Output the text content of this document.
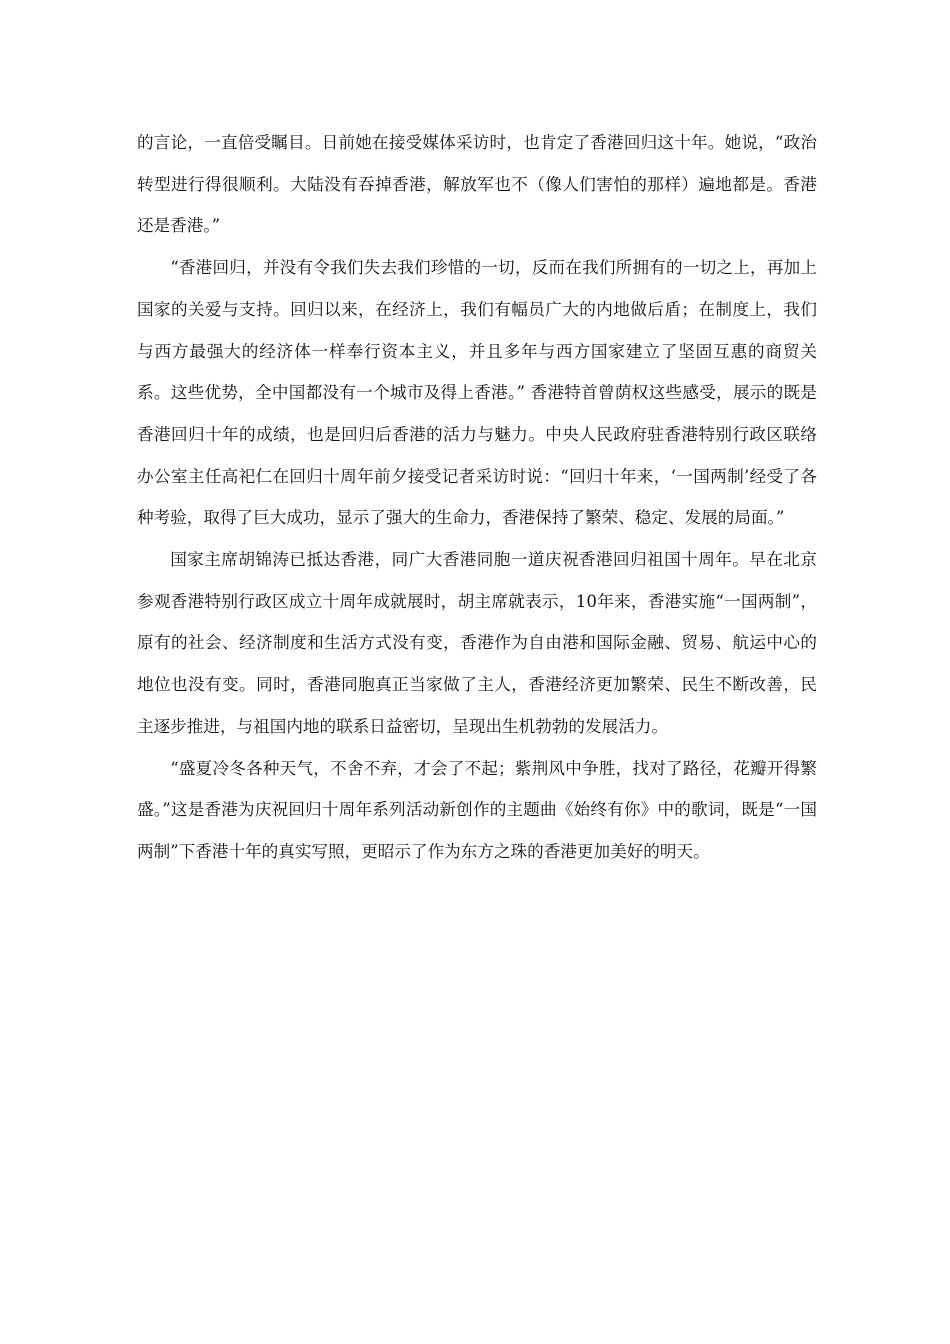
的言论，一直倍受瞩目。日前她在接受媒体采访时，也肯定了香港回归这十年。她说，“政治转型进行得很顺利。大陆没有吞掉香港，解放军也不（像人们害怕的那样）遍地都是。香港还是香港。”

“香港回归，并没有令我们失去我们珍惜的一切，反而在我们所拥有的一切之上，再加上国家的关爱与支持。回归以来，在经济上，我们有幅员广大的内地做后盾；在制度上，我们与西方最强大的经济体一样奉行资本主义，并且多年与西方国家建立了坚固互惠的商贸关系。这些优势，全中国都没有一个城市及得上香港。” 香港特首曾荫权这些感受，展示的既是香港回归十年的成绩，也是回归后香港的活力与魅力。中央人民政府驻香港特别行政区联络办公室主任高祀仁在回归十周年前夕接受记者采访时说：“回归十年来，‘一国两制’经受了各种考验，取得了巨大成功，显示了强大的生命力，香港保持了繁荣、稳定、发展的局面。”

国家主席胡锦涛已抵达香港，同广大香港同胞一道庆祝香港回归祖国十周年。早在北京参观香港特别行政区成立十周年成就展时，胡主席就表示，10年来，香港实施“一国两制”，原有的社会、经济制度和生活方式没有变，香港作为自由港和国际金融、贸易、航运中心的地位也没有变。同时，香港同胞真正当家做了主人，香港经济更加繁荣、民生不断改善，民主逐步推进，与祖国内地的联系日益密切，呈现出生机勃勃的发展活力。

“盛夏冷冬各种天气，不舍不弃，才会了不起；紫荆风中争胜，找对了路径，花瓣开得繁盛。”这是香港为庆祝回归十周年系列活动新创作的主题曲《始终有你》中的歌词，既是“一国两制”下香港十年的真实写照，更昭示了作为东方之珠的香港更加美好的明天。
